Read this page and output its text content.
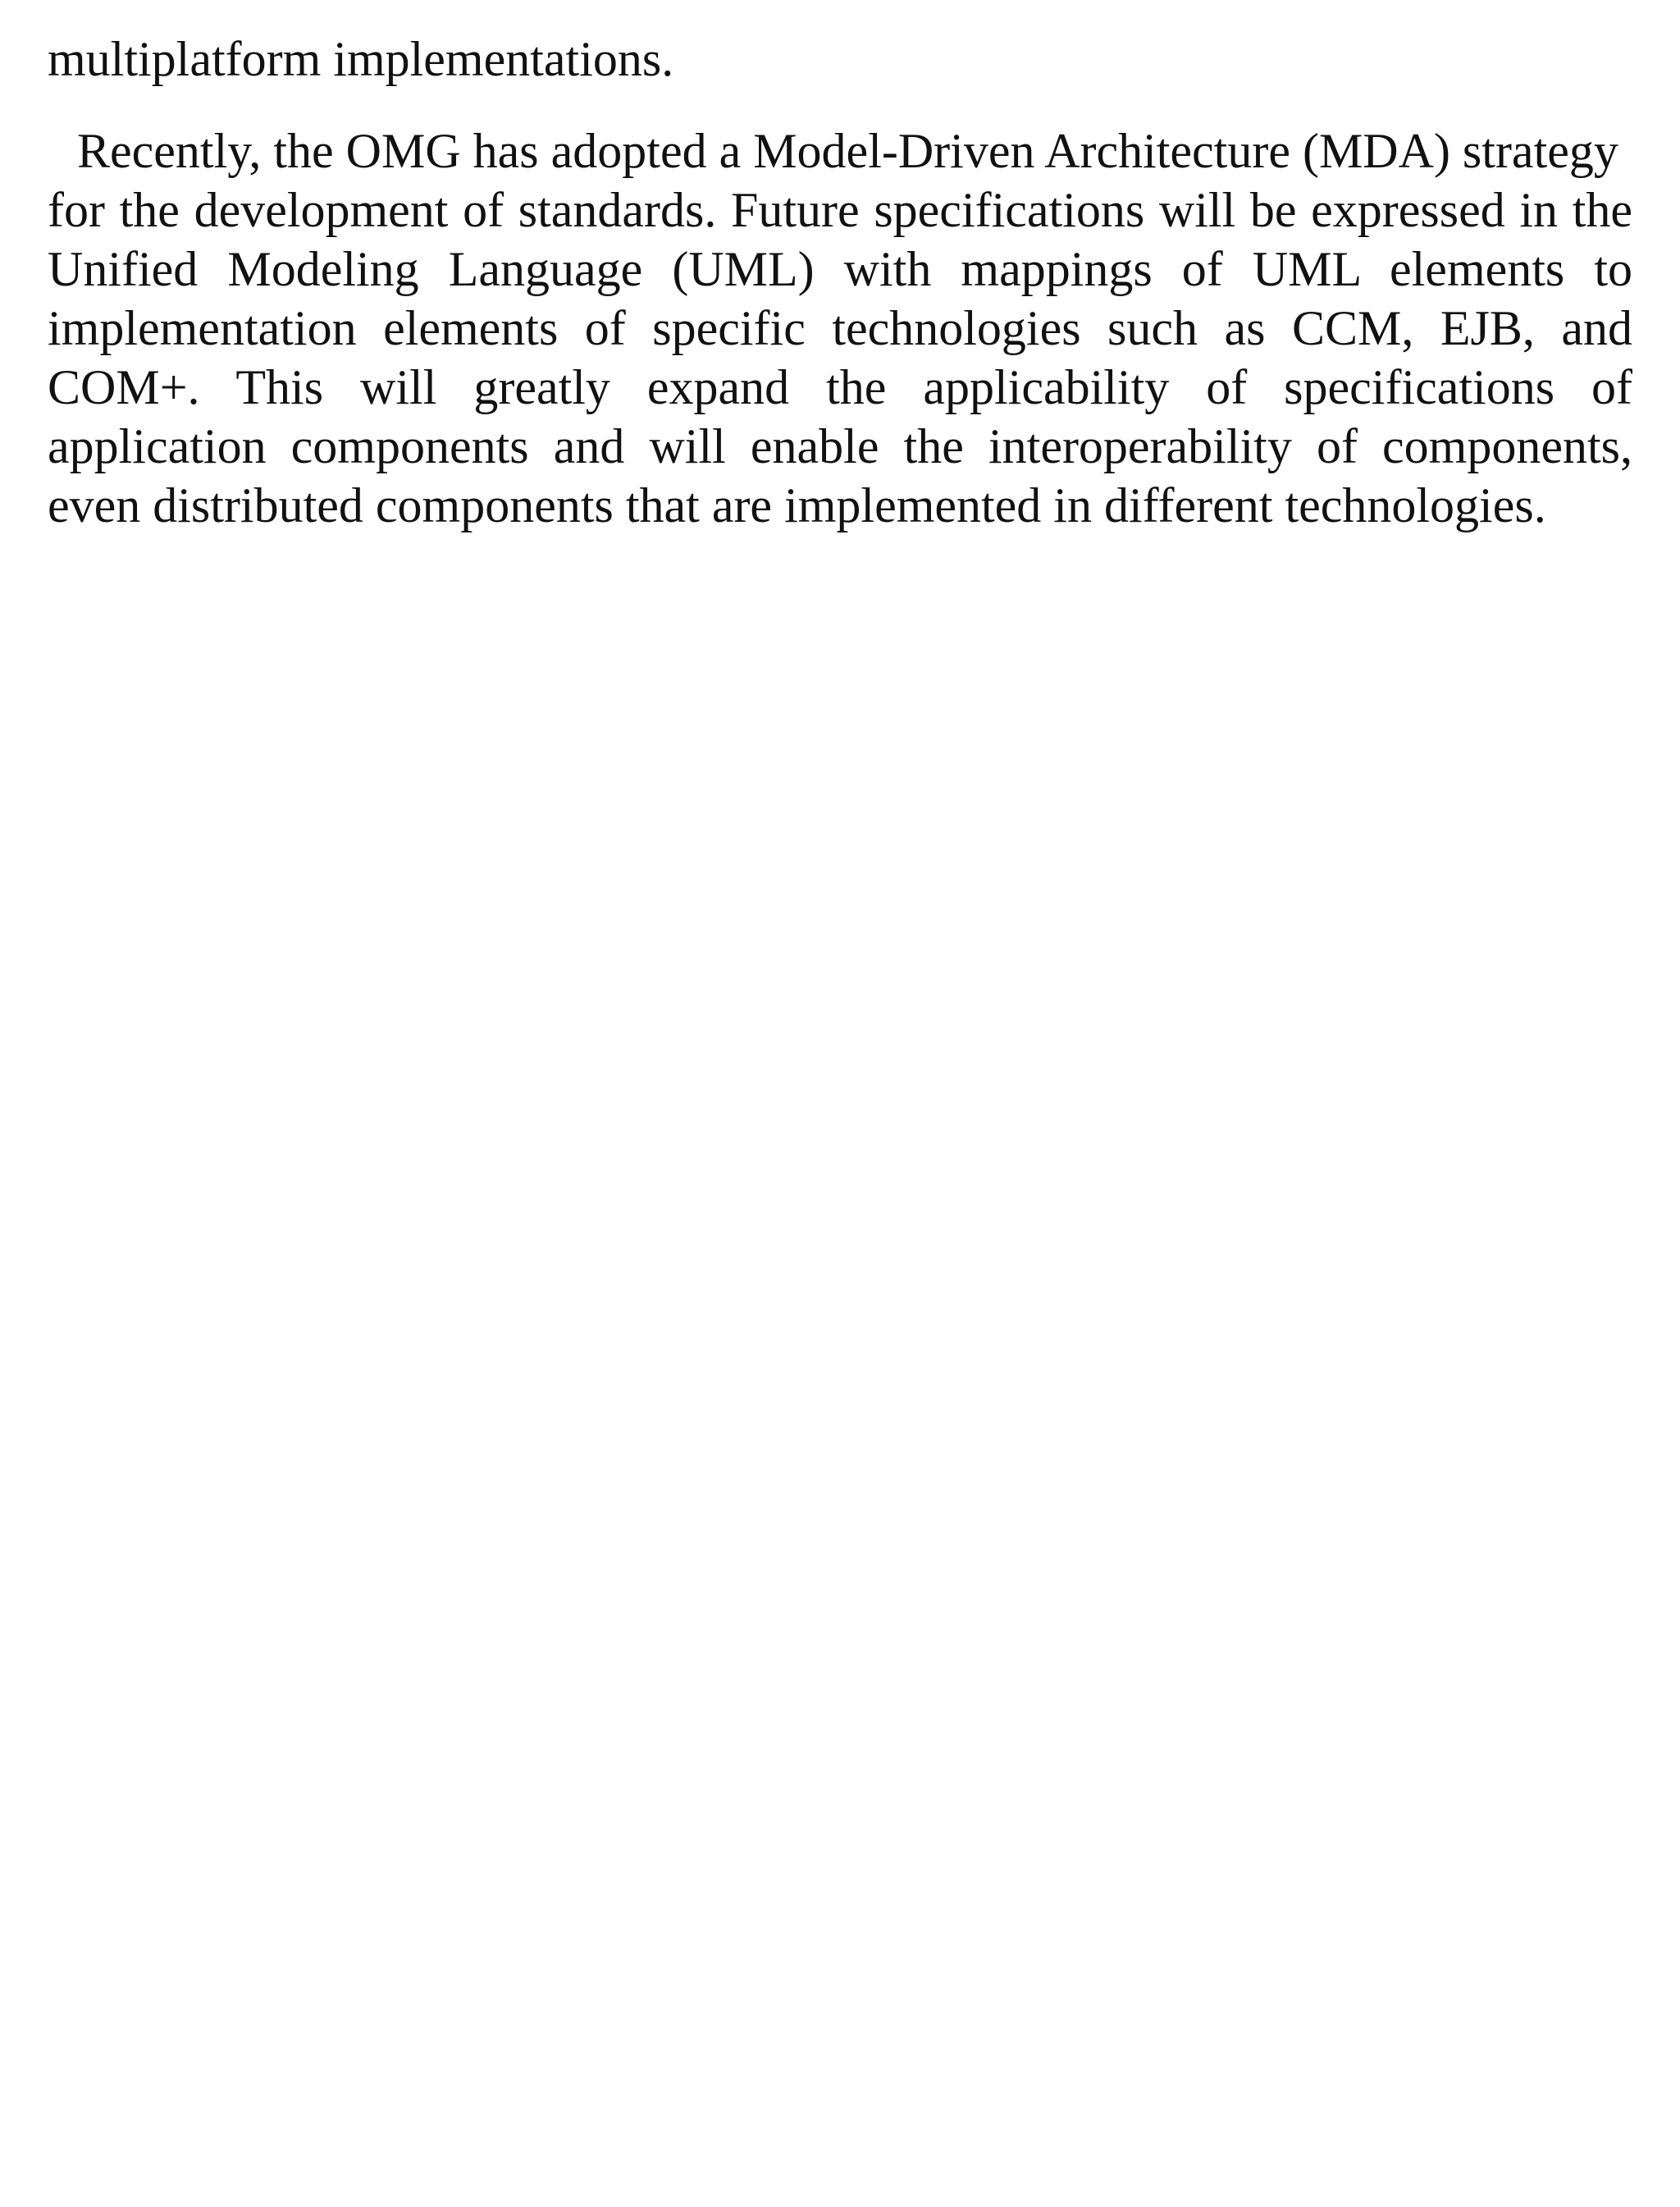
multiplatform implementations.

Recently, the OMG has adopted a Model-Driven Architecture (MDA) strategy

for the development of standards. Future specifications will be expressed in the

Unified Modeling Language (UML) with mappings of UML elements to

implementation elements of specific technologies such as CCM, EJB, and

COM+. This will greatly expand the applicability of specifications of

application components and will enable the interoperability of components,

even distributed components that are implemented in different technologies.
